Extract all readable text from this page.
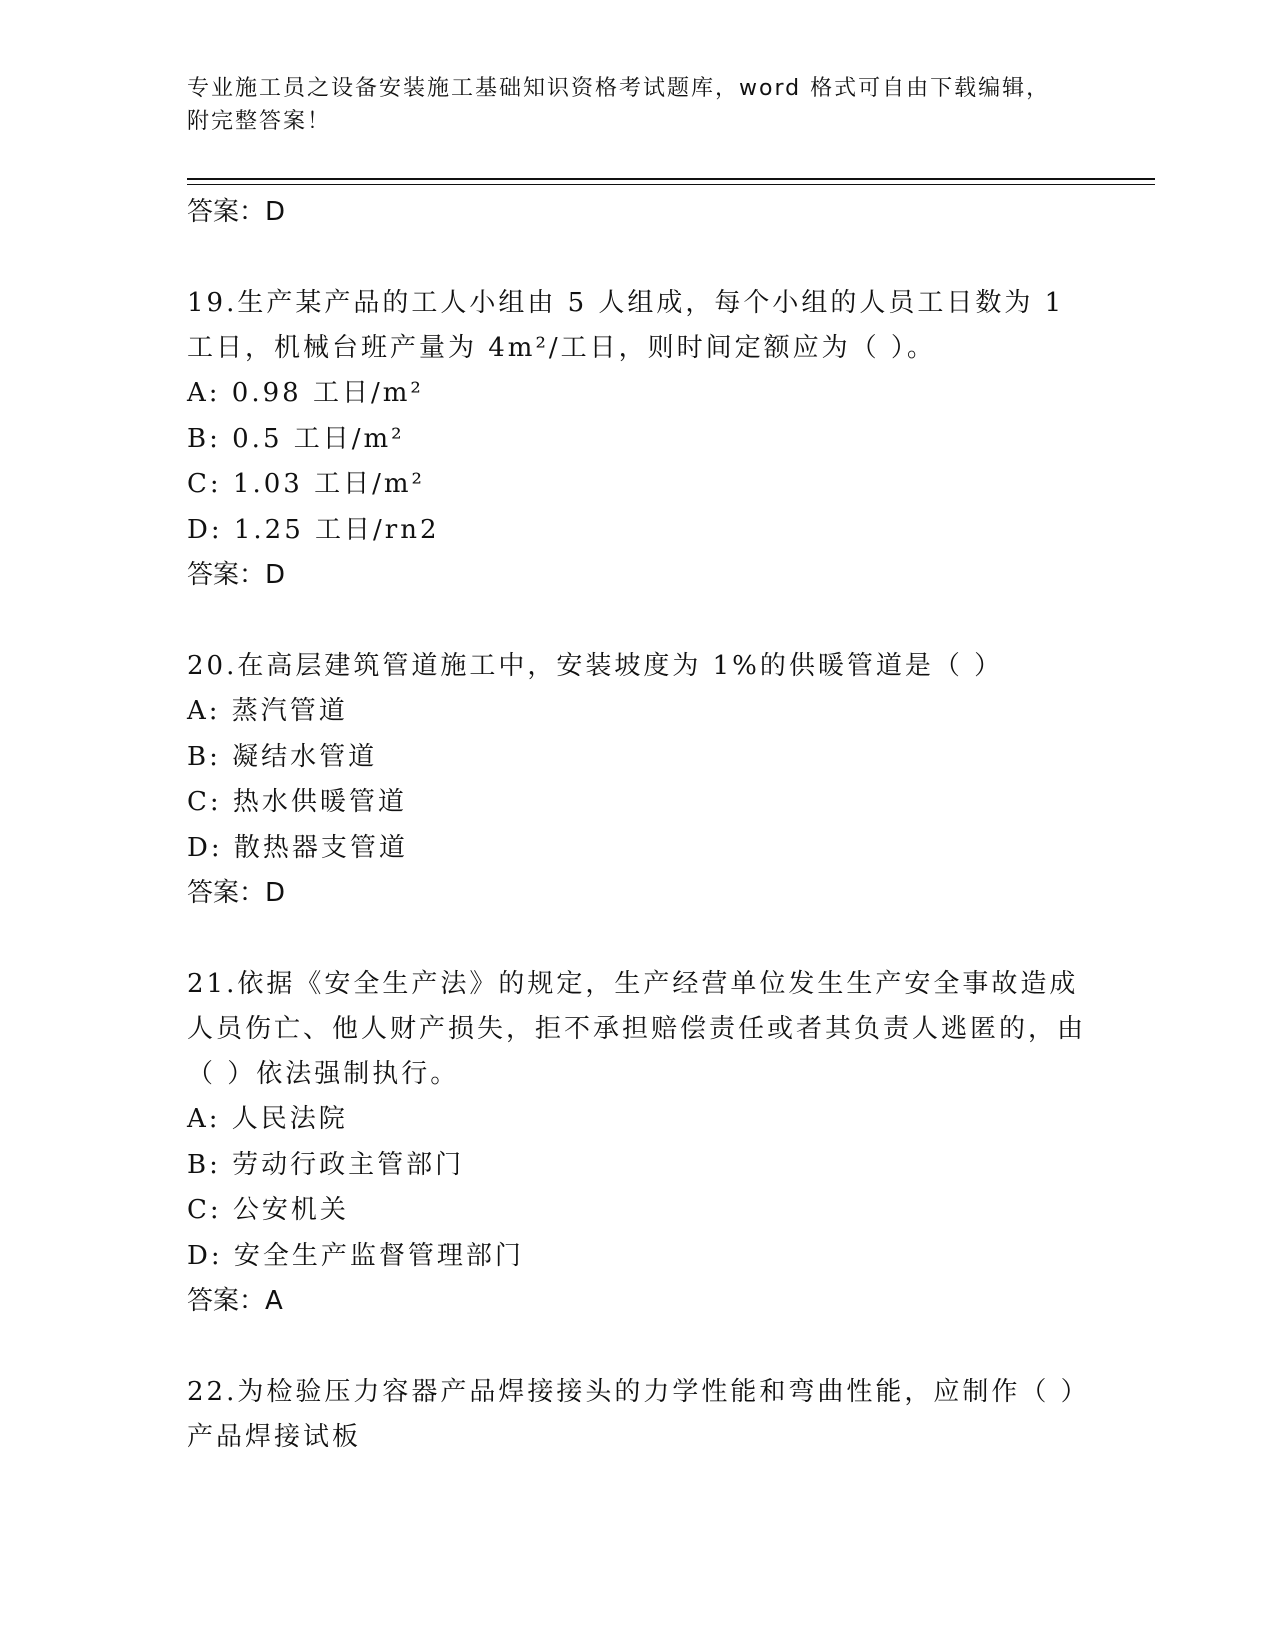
专业施工员之设备安装施工基础知识资格考试题库，word 格式可自由下载编辑，附完整答案！
答案：D
19.生产某产品的工人小组由 5 人组成，每个小组的人员工日数为 1 工日，机械台班产量为 4m²/工日，则时间定额应为（ ）。
A: 0.98 工日/m²
B: 0.5 工日/m²
C: 1.03 工日/m²
D: 1.25 工日/rn2
答案：D
20.在高层建筑管道施工中，安装坡度为 1%的供暖管道是（ ）
A: 蒸汽管道
B: 凝结水管道
C: 热水供暖管道
D: 散热器支管道
答案：D
21.依据《安全生产法》的规定，生产经营单位发生生产安全事故造成人员伤亡、他人财产损失，拒不承担赔偿责任或者其负责人逃匿的，由（ ）依法强制执行。
A: 人民法院
B: 劳动行政主管部门
C: 公安机关
D: 安全生产监督管理部门
答案：A
22.为检验压力容器产品焊接接头的力学性能和弯曲性能，应制作（ ）产品焊接试板
